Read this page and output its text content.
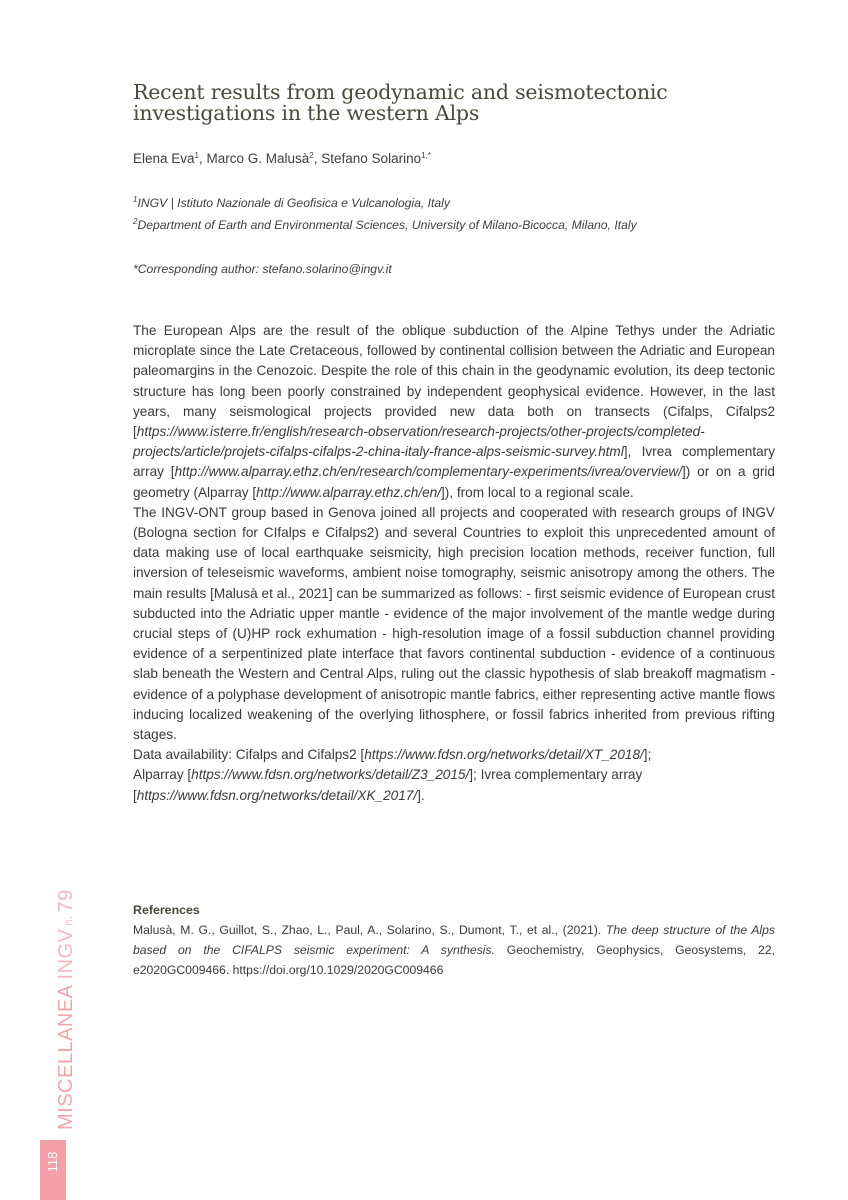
Recent results from geodynamic and seismotectonic
investigations in the western Alps
Elena Eva$^1$, Marco G. Malusà$^2$, Stefano Solarino$^{1,*}$
$^1$INGV | Istituto Nazionale di Geofisica e Vulcanologia, Italy
$^2$Department of Earth and Environmental Sciences, University of Milano-Bicocca, Milano, Italy
*Corresponding author: stefano.solarino@ingv.it

The European Alps are the result of the oblique subduction of the Alpine Tethys under the Adriatic microplate since the Late Cretaceous, followed by continental collision between the Adriatic and European paleomargins in the Cenozoic. Despite the role of this chain in the geodynamic evolution, its deep tectonic structure has long been poorly constrained by independent geophysical evidence. However, in the last years, many seismological projects provided new data both on transects (Cifalps, Cifalps2 [https://www.isterre.fr/english/research-observation/research-projects/other-projects/completed-projects/article/projets-cifalps-cifalps-2-china-italy-france-alps-seismic-survey.html], Ivrea complementary array [http://www.alparray.ethz.ch/en/research/complementary-experiments/ivrea/overview/]) or on a grid geometry (Alparray [http://www.alparray.ethz.ch/en/]), from local to a regional scale.

The INGV-ONT group based in Genova joined all projects and cooperated with research groups of INGV (Bologna section for CIfalps e Cifalps2) and several Countries to exploit this unprecedented amount of data making use of local earthquake seismicity, high precision location methods, receiver function, full inversion of teleseismic waveforms, ambient noise tomography, seismic anisotropy among the others. The main results [Malusà et al., 2021] can be summarized as follows: - first seismic evidence of European crust subducted into the Adriatic upper mantle - evidence of the major involvement of the mantle wedge during crucial steps of (U)HP rock exhumation - high-resolution image of a fossil subduction channel providing evidence of a serpentinized plate interface that favors continental subduction - evidence of a continuous slab beneath the Western and Central Alps, ruling out the classic hypothesis of slab breakoff magmatism - evidence of a polyphase development of anisotropic mantle fabrics, either representing active mantle flows inducing localized weakening of the overlying lithosphere, or fossil fabrics inherited from previous rifting stages.

Data availability: Cifalps and Cifalps2 [https://www.fdsn.org/networks/detail/XT_2018/];
Alparray [https://www.fdsn.org/networks/detail/Z3_2015/]; Ivrea complementary array
[https://www.fdsn.org/networks/detail/XK_2017/].

References
Malusà, M. G., Guillot, S., Zhao, L., Paul, A., Solarino, S., Dumont, T., et al., (2021). The deep structure of the Alps based on the CIFALPS seismic experiment: A synthesis. Geochemistry, Geophysics, Geosystems, 22, e2020GC009466. https://doi.org/10.1029/2020GC009466
MISCELLANEA INGVn.79
118
